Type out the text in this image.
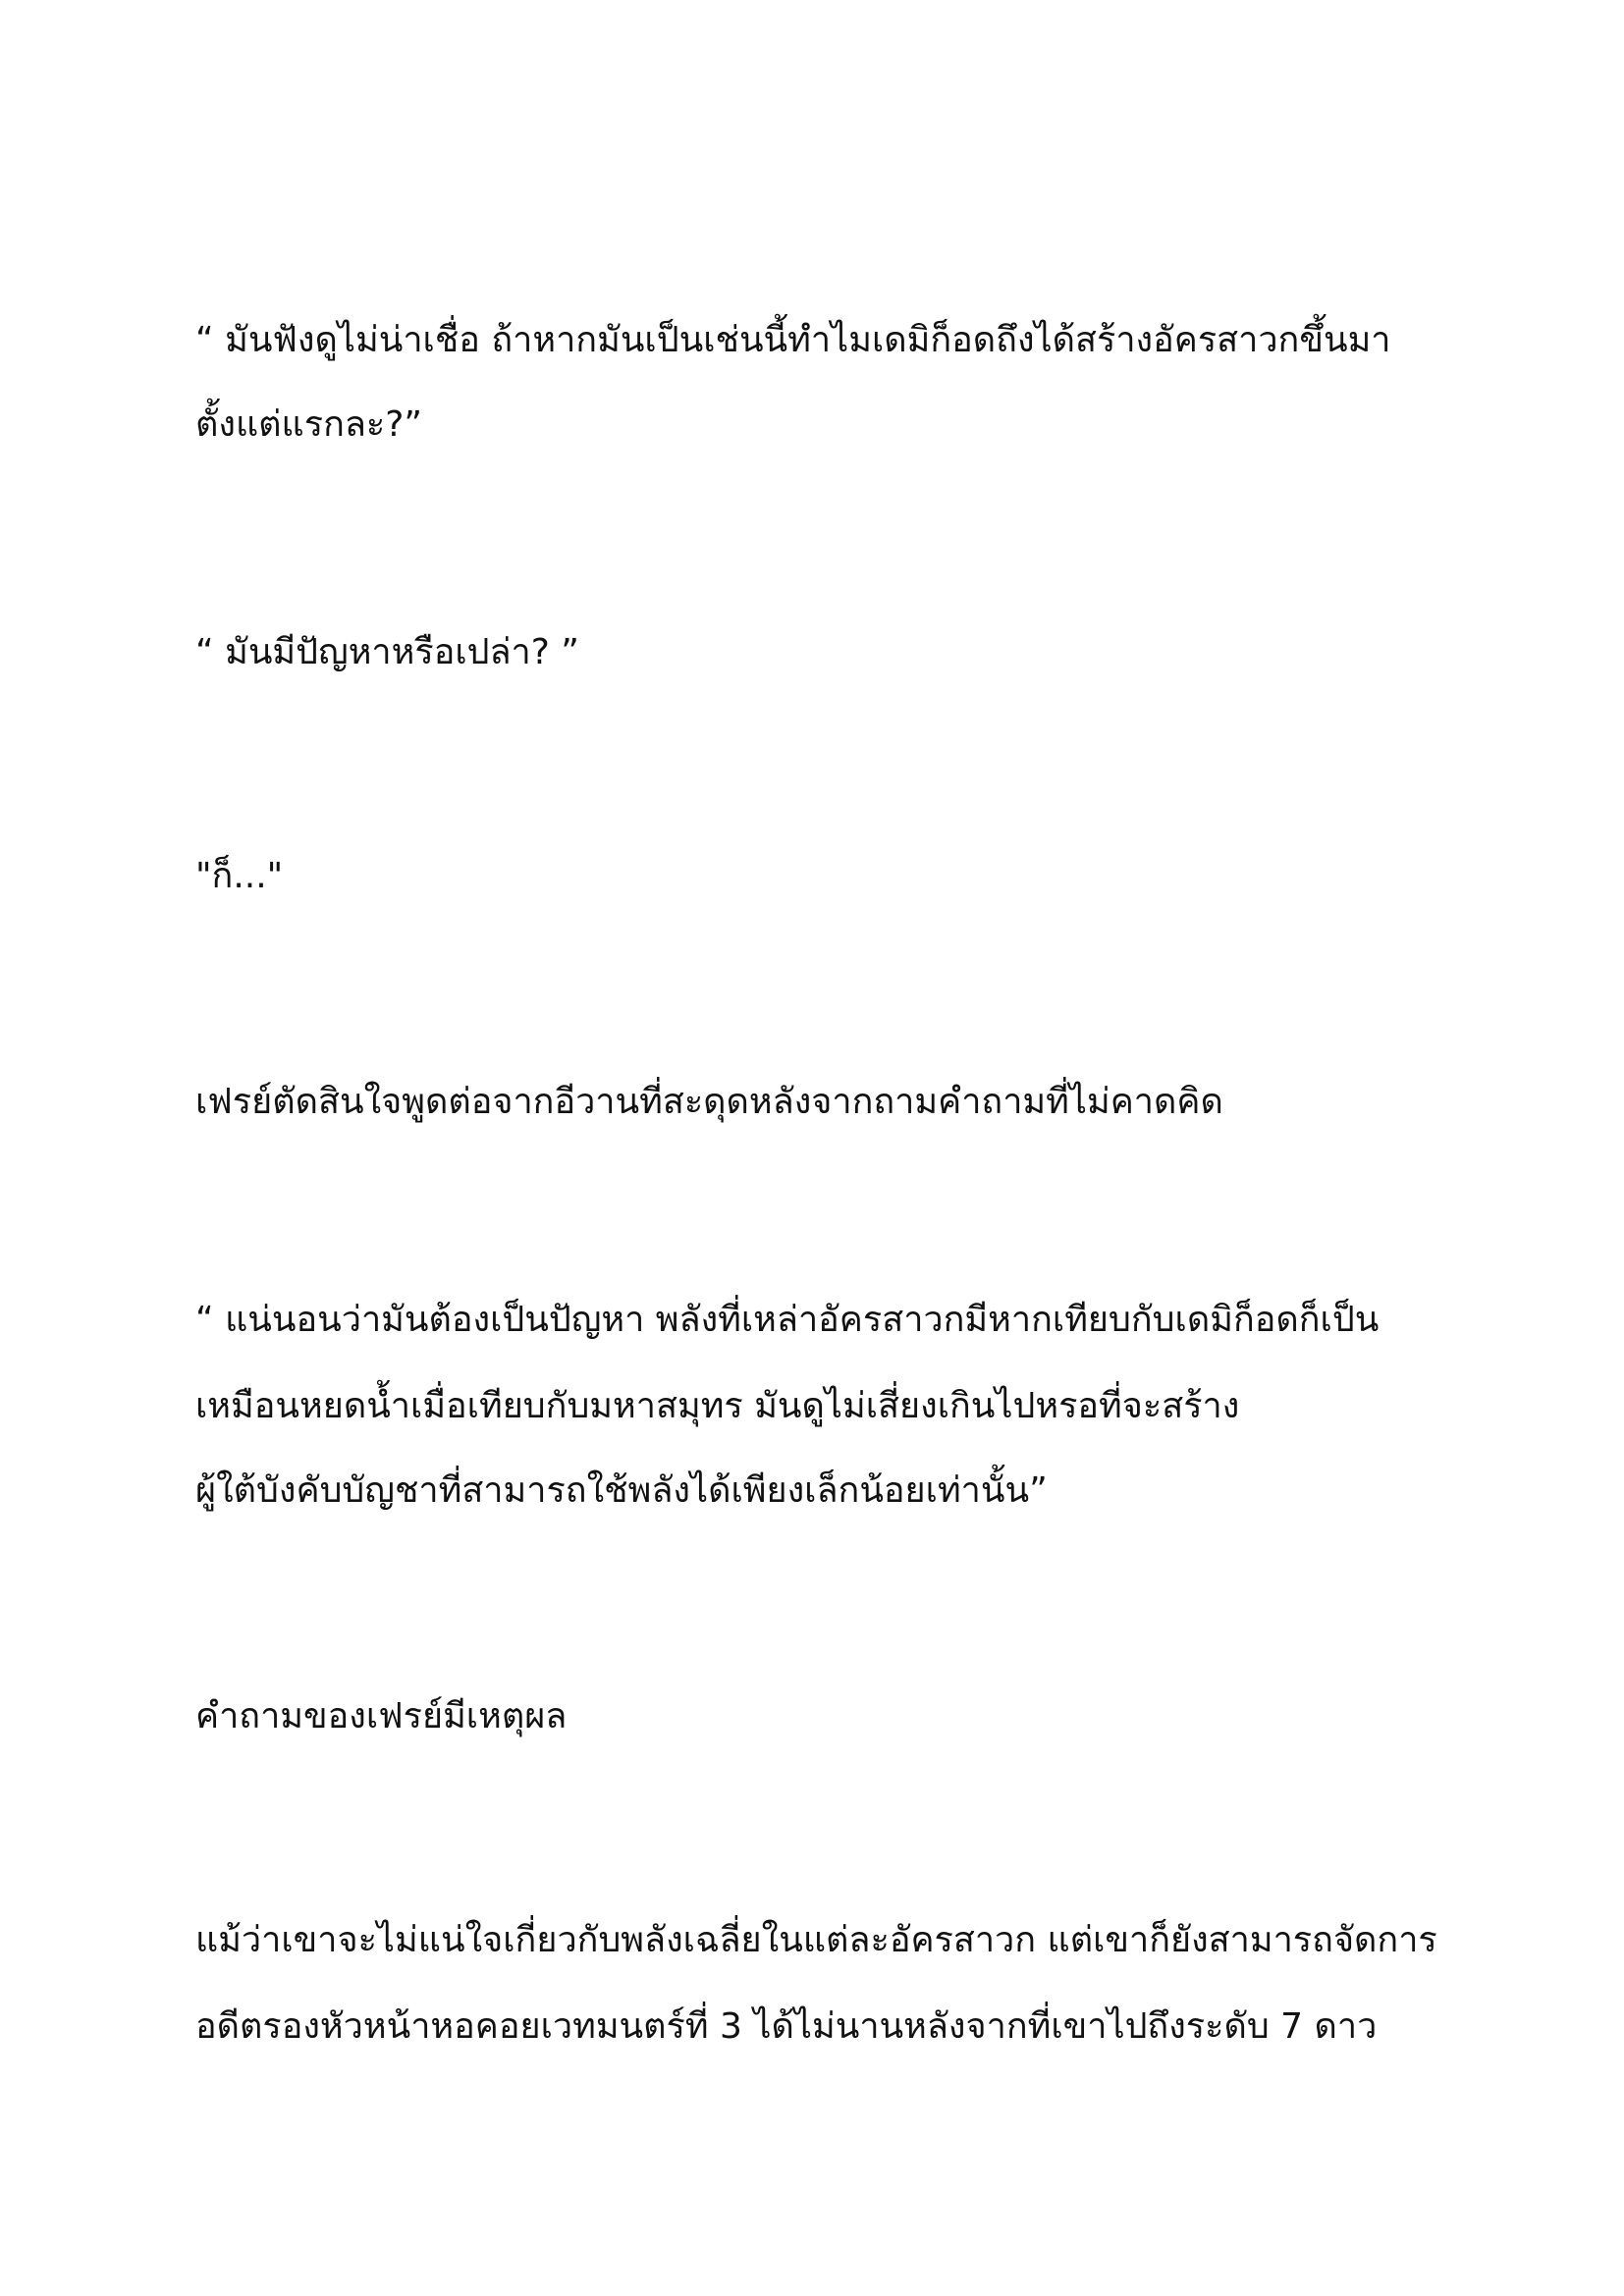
“ มันฟังดูไม่น่าเชื่อ ถ้าหากมันเป็นเช่นนี้ทำไมเดมิก็อดถึงได้สร้างอัครสาวกขึ้นมา
ตั้งแต่แรกละ?”
“ มันมีปัญหาหรือเปล่า? ”
"ก็..."
เฟรย์ตัดสินใจพูดต่อจากอีวานที่สะดุดหลังจากถามคำถามที่ไม่คาดคิด
“ แน่นอนว่ามันต้องเป็นปัญหา พลังที่เหล่าอัครสาวกมีหากเทียบกับเดมิก็อดก็เป็น
เหมือนหยดน้ำเมื่อเทียบกับมหาสมุทร มันดูไม่เสี่ยงเกินไปหรอที่จะสร้าง
ผู้ใต้บังคับบัญชาที่สามารถใช้พลังได้เพียงเล็กน้อยเท่านั้น”
คำถามของเฟรย์มีเหตุผล
แม้ว่าเขาจะไม่แน่ใจเกี่ยวกับพลังเฉลี่ยในแต่ละอัครสาวก แต่เขาก็ยังสามารถจัดการ
อดีตรองหัวหน้าหอคอยเวทมนตร์ที่ 3 ได้ไม่นานหลังจากที่เขาไปถึงระดับ 7 ดาว
